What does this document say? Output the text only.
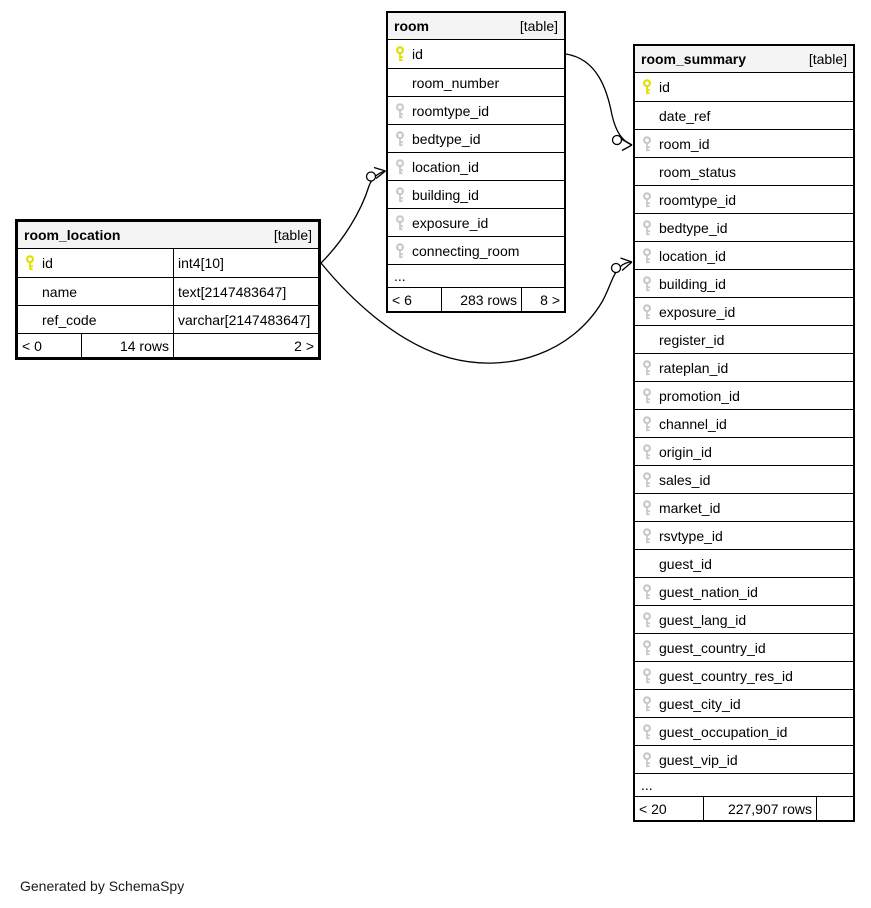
room	[table]
id
room_number
roomtype_id
bedtype_id
location_id
building_id
exposure_id
connecting_room
...
< 6	283 rows	8 >
room_location	[table]
id	int4[10]
name	text[2147483647]
ref_code	varchar[2147483647]
< 0	14 rows	2 >
room_summary	[table]
id
date_ref
room_id
room_status
roomtype_id
bedtype_id
location_id
building_id
exposure_id
register_id
rateplan_id
promotion_id
channel_id
origin_id
sales_id
market_id
rsvtype_id
guest_id
guest_nation_id
guest_lang_id
guest_country_id
guest_country_res_id
guest_city_id
guest_occupation_id
guest_vip_id
...
< 20	227,907 rows
Generated by SchemaSpy
